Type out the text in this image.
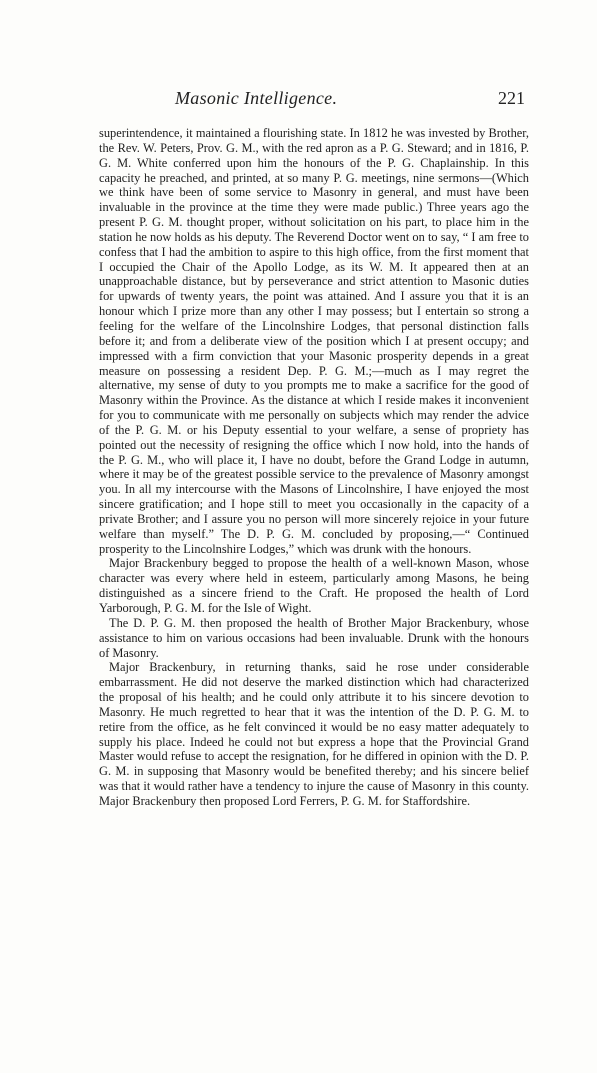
Masonic Intelligence.	221

superintendence, it maintained a flourishing state. In 1812 he was invested by Brother, the Rev. W. Peters, Prov. G. M., with the red apron as a P. G. Steward; and in 1816, P. G. M. White conferred upon him the honours of the P. G. Chaplainship. In this capacity he preached, and printed, at so many P. G. meetings, nine sermons—(Which we think have been of some service to Masonry in general, and must have been invaluable in the province at the time they were made public.) Three years ago the present P. G. M. thought proper, without solicitation on his part, to place him in the station he now holds as his deputy. The Reverend Doctor went on to say, “ I am free to confess that I had the ambition to aspire to this high office, from the first moment that I occupied the Chair of the Apollo Lodge, as its W. M. It appeared then at an unapproachable distance, but by perseverance and strict attention to Masonic duties for upwards of twenty years, the point was attained. And I assure you that it is an honour which I prize more than any other I may possess; but I entertain so strong a feeling for the welfare of the Lincolnshire Lodges, that personal distinction falls before it; and from a deliberate view of the position which I at present occupy; and impressed with a firm conviction that your Masonic prosperity depends in a great measure on possessing a resident Dep. P. G. M.;—much as I may regret the alternative, my sense of duty to you prompts me to make a sacrifice for the good of Masonry within the Province. As the distance at which I reside makes it inconvenient for you to communicate with me personally on subjects which may render the advice of the P. G. M. or his Deputy essential to your welfare, a sense of propriety has pointed out the necessity of resigning the office which I now hold, into the hands of the P. G. M., who will place it, I have no doubt, before the Grand Lodge in autumn, where it may be of the greatest possible service to the prevalence of Masonry amongst you. In all my intercourse with the Masons of Lincolnshire, I have enjoyed the most sincere gratification; and I hope still to meet you occasionally in the capacity of a private Brother; and I assure you no person will more sincerely rejoice in your future welfare than myself.” The D. P. G. M. concluded by proposing,—“ Continued prosperity to the Lincolnshire Lodges,” which was drunk with the honours.

Major Brackenbury begged to propose the health of a well-known Mason, whose character was every where held in esteem, particularly among Masons, he being distinguished as a sincere friend to the Craft. He proposed the health of Lord Yarborough, P. G. M. for the Isle of Wight.

The D. P. G. M. then proposed the health of Brother Major Brackenbury, whose assistance to him on various occasions had been invaluable. Drunk with the honours of Masonry.

Major Brackenbury, in returning thanks, said he rose under considerable embarrassment. He did not deserve the marked distinction which had characterized the proposal of his health; and he could only attribute it to his sincere devotion to Masonry. He much regretted to hear that it was the intention of the D. P. G. M. to retire from the office, as he felt convinced it would be no easy matter adequately to supply his place. Indeed he could not but express a hope that the Provincial Grand Master would refuse to accept the resignation, for he differed in opinion with the D. P. G. M. in supposing that Masonry would be benefited thereby; and his sincere belief was that it would rather have a tendency to injure the cause of Masonry in this county. Major Brackenbury then proposed Lord Ferrers, P. G. M. for Staffordshire.
